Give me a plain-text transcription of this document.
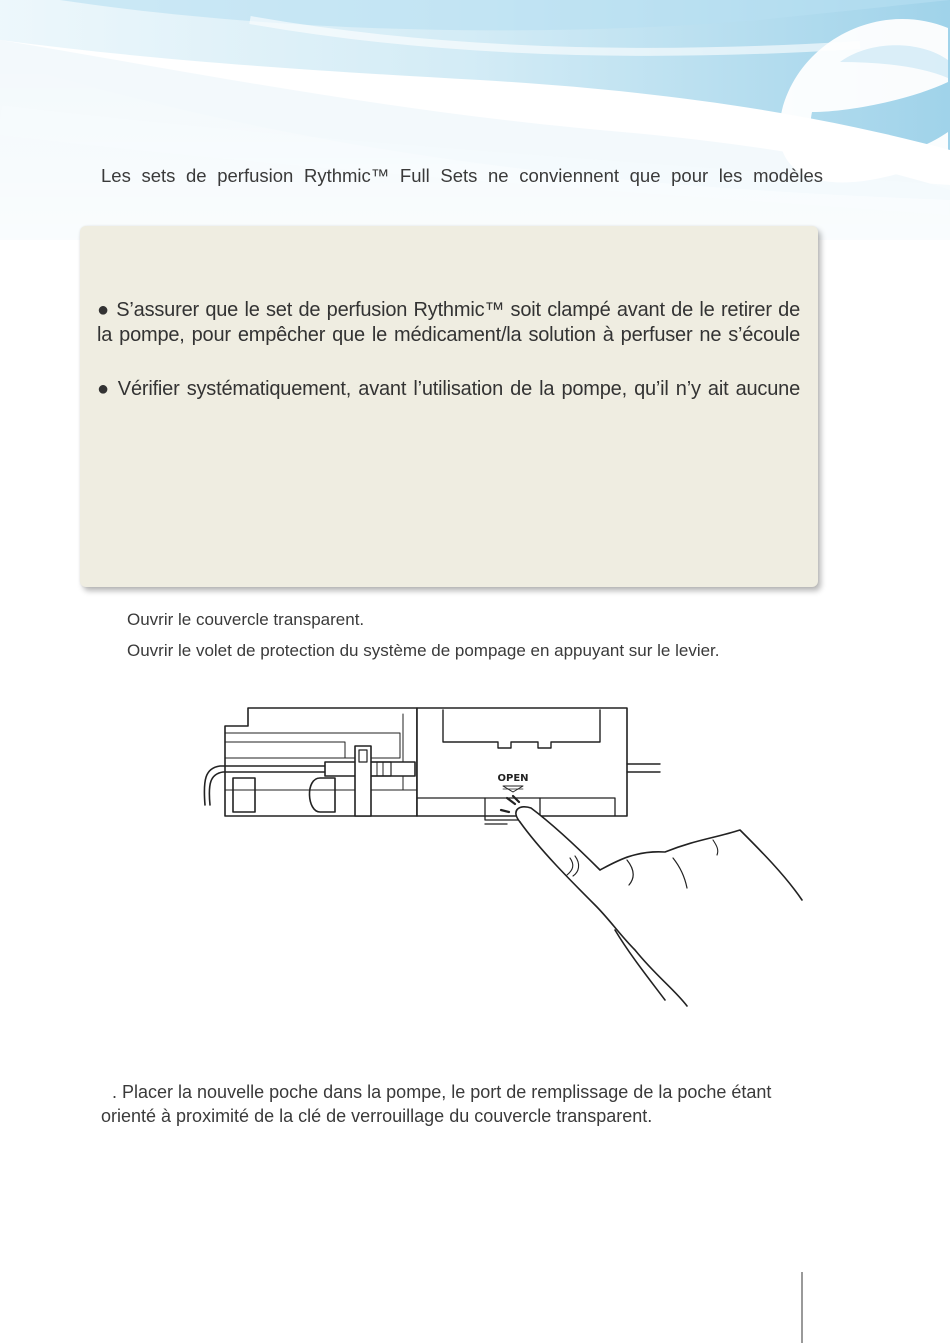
Les sets de perfusion Rythmic™ Full Sets ne conviennent que pour les modèles
● S’assurer que le set de perfusion Rythmic™ soit clampé avant de le retirer de
la pompe, pour empêcher que le médicament/la solution à perfuser ne s’écoule
● Vérifier systématiquement, avant l’utilisation de la pompe, qu’il n’y ait aucune
Ouvrir le couvercle transparent.
Ouvrir le volet de protection du système de pompage en appuyant sur le levier.
OPEN
. Placer la nouvelle poche dans la pompe, le port de remplissage de la poche étant
orienté à proximité de la clé de verrouillage du couvercle transparent.
